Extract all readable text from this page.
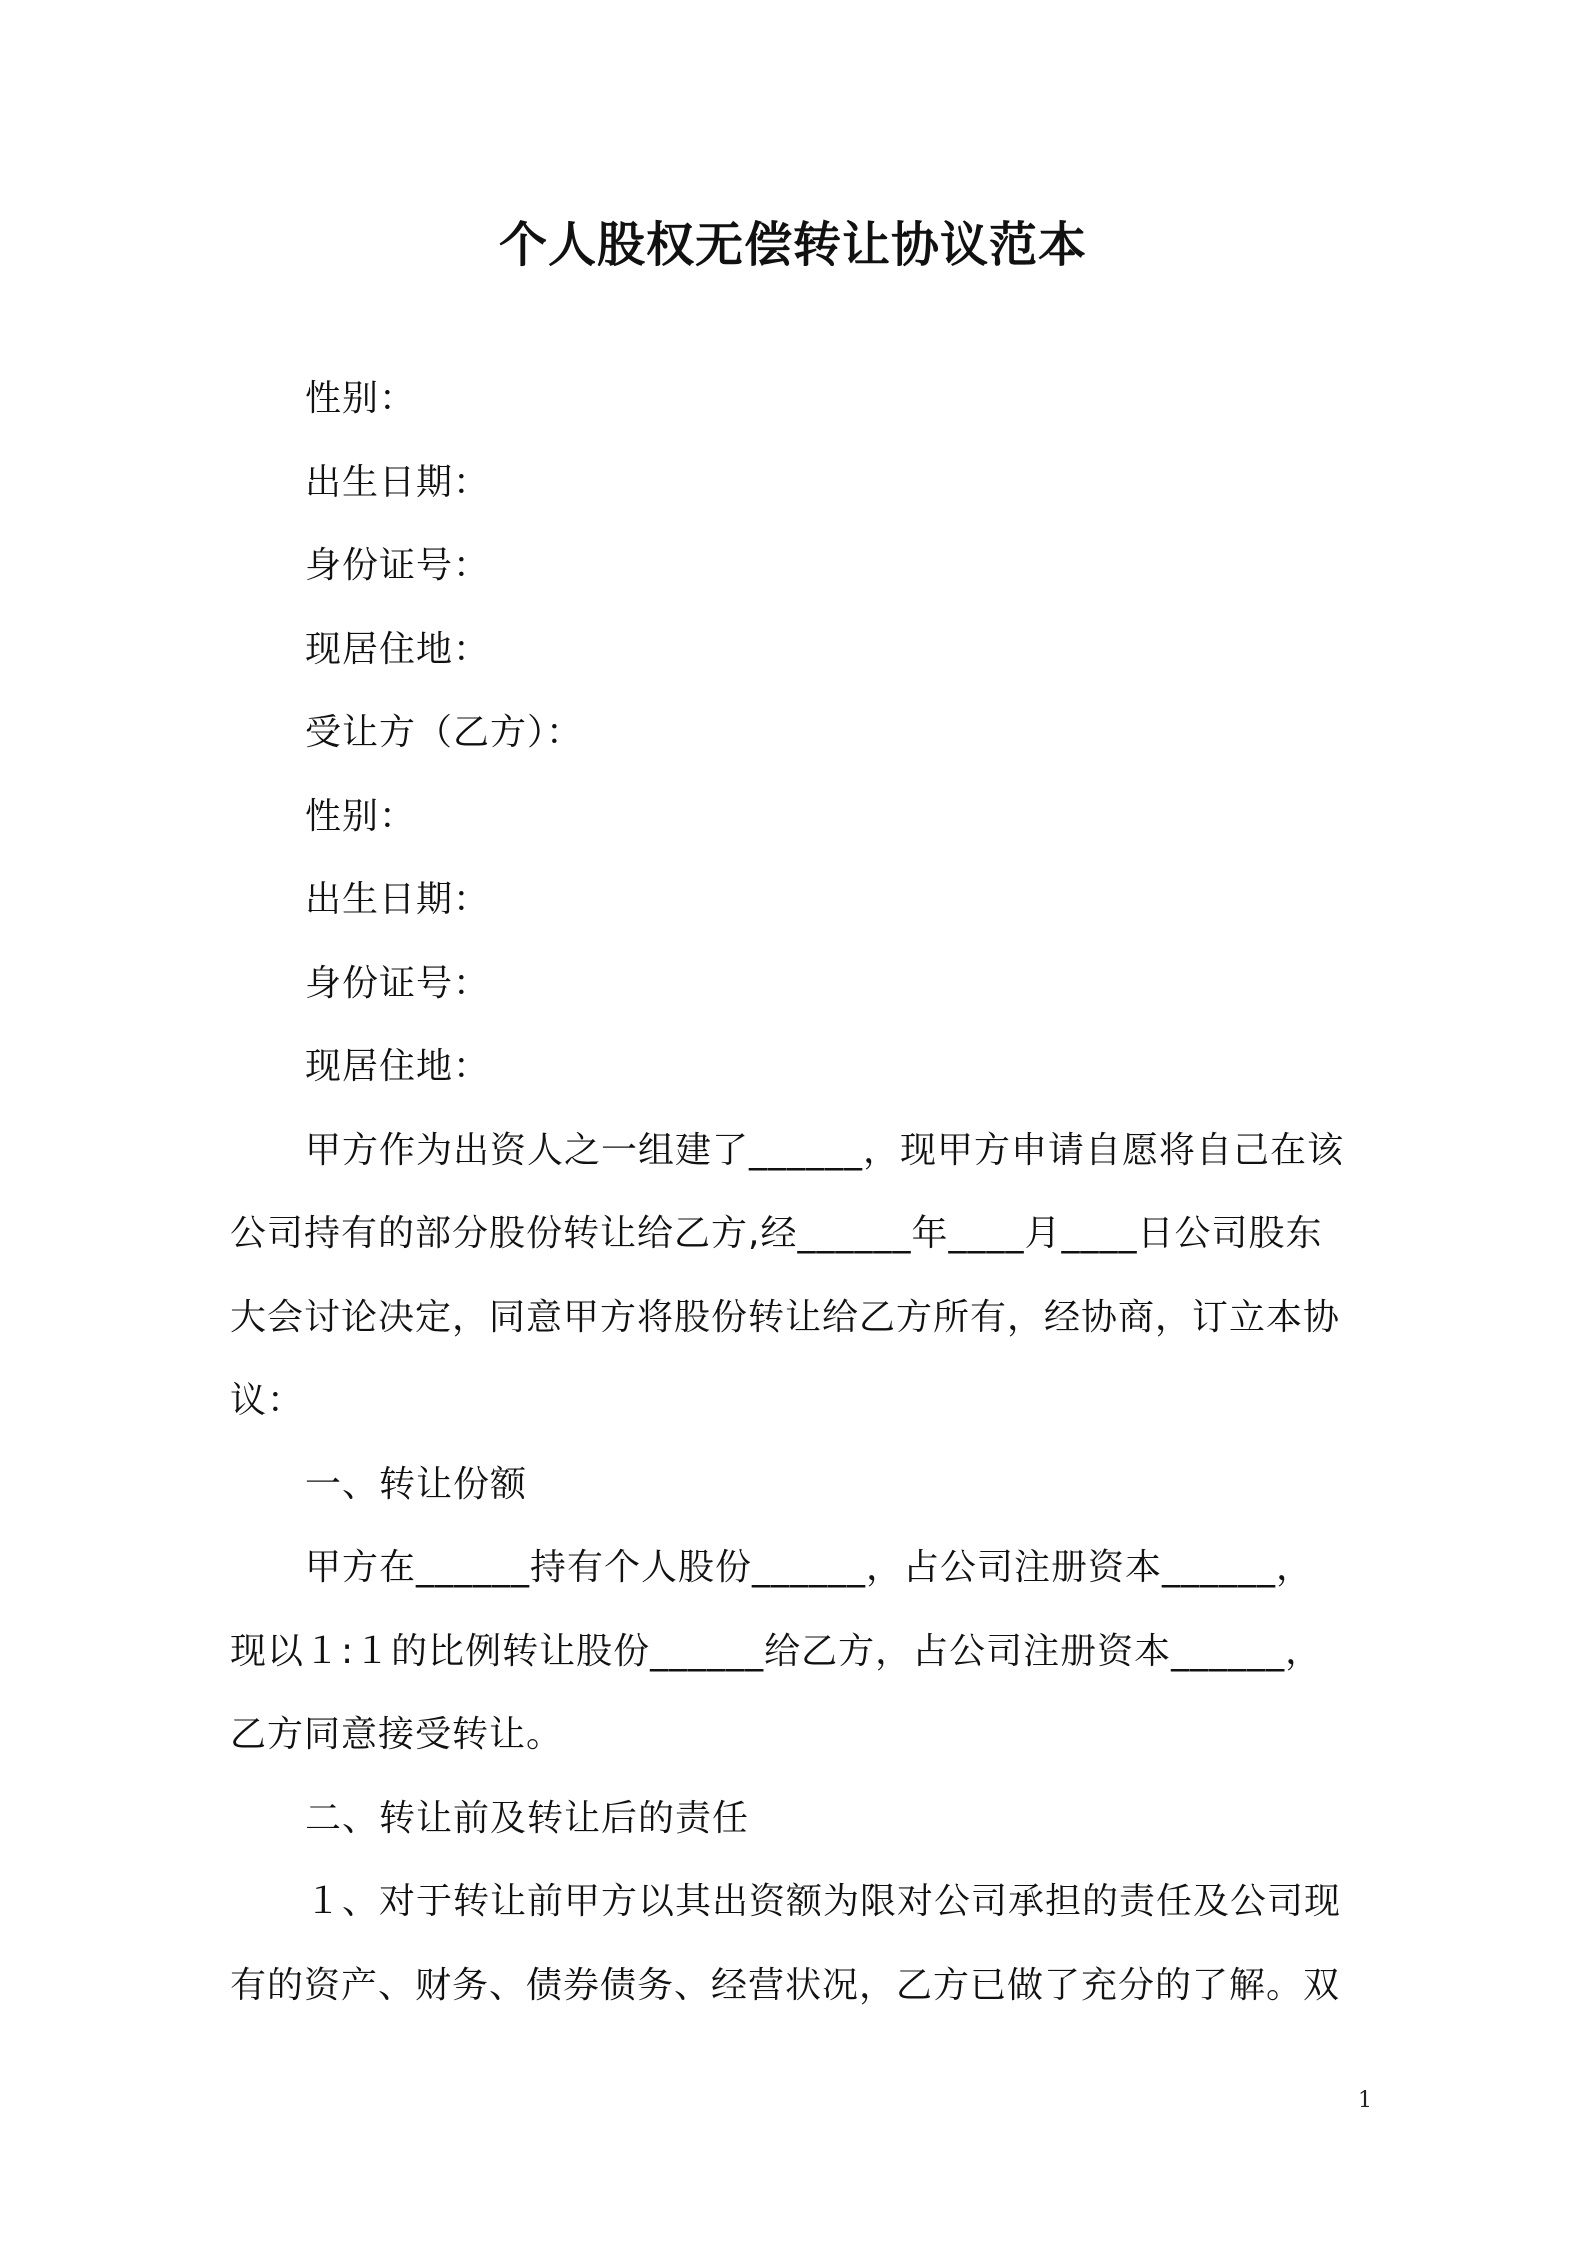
个人股权无偿转让协议范本
性别：
出生日期：
身份证号：
现居住地：
受让方（乙方）：
性别：
出生日期：
身份证号：
现居住地：
甲方作为出资人之一组建了______，现甲方申请自愿将自己在该
公司持有的部分股份转让给乙方,经______年____月____日公司股东
大会讨论决定，同意甲方将股份转让给乙方所有，经协商，订立本协
议：
一、转让份额
甲方在______持有个人股份______，占公司注册资本______，
现以１:１的比例转让股份______给乙方，占公司注册资本______，
乙方同意接受转让。
二、转让前及转让后的责任
１、对于转让前甲方以其出资额为限对公司承担的责任及公司现
有的资产、财务、债券债务、经营状况，乙方已做了充分的了解。双
1
